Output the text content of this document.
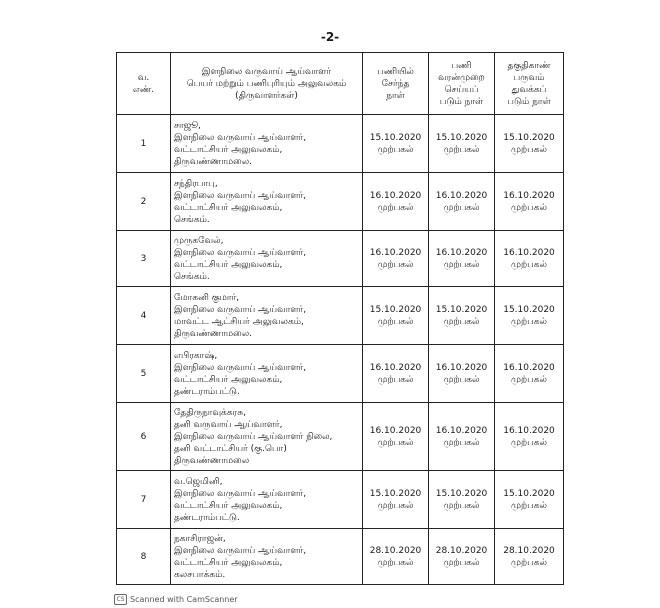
-2-
வ.
எண்.	இளநிலை வருவாய் ஆய்வாளர்
பெயர் மற்றும் பணிபுரியும் அலுவலகம்
(திருவாளர்கள்)	பணியில்
சேர்ந்த
நாள்	பணி
வரன்முறை
செய்யப்
படும் நாள்	தகுதிகாண்
பருவம்
துவக்கப்
படும் நாள்

1	சாஜூ,
இளநிலை வருவாய் ஆய்வாளர்,
வட்டாட்சியர் அலுவலகம்,
திருவண்ணாமலை.	15.10.2020
முற்பகல்	15.10.2020
முற்பகல்	15.10.2020
முற்பகல்

2	சந்திரபாபு,
இளநிலை வருவாய் ஆய்வாளர்,
வட்டாட்சியர் அலுவலகம்,
செங்கம்.	16.10.2020
முற்பகல்	16.10.2020
முற்பகல்	16.10.2020
முற்பகல்

3	முருகவேல்,
இளநிலை வருவாய் ஆய்வாளர்,
வட்டாட்சியர் அலுவலகம்,
செங்கம்.	16.10.2020
முற்பகல்	16.10.2020
முற்பகல்	16.10.2020
முற்பகல்

4	மோகனி குமார்,
இளநிலை வருவாய் ஆய்வாளர்,
மாவட்ட ஆட்சியர் அலுவலகம்,
திருவண்ணாமலை.	15.10.2020
முற்பகல்	15.10.2020
முற்பகல்	15.10.2020
முற்பகல்

5	எபிரகாஷ்,
இளநிலை வருவாய் ஆய்வாளர்,
வட்டாட்சியர் அலுவலகம்,
தண்டராம்பட்டு.	16.10.2020
முற்பகல்	16.10.2020
முற்பகல்	16.10.2020
முற்பகல்

6	தேதிருநாவுக்கரசு,
தனி வருவாய் ஆய்வாளர்,
இளநிலை வருவாய் ஆய்வாளர் நிலை,
தனி வட்டாட்சியர் (கு.பொ)
திருவண்ணாமலை	16.10.2020
முற்பகல்	16.10.2020
முற்பகல்	16.10.2020
முற்பகல்

7	வ.ஜெமினி,
இளநிலை வருவாய் ஆய்வாளர்,
வட்டாட்சியர் அலுவலகம்,
தண்டராம்பட்டு.	15.10.2020
முற்பகல்	15.10.2020
முற்பகல்	15.10.2020
முற்பகல்

8	நகாசிராஜன்,
இளநிலை வருவாய் ஆய்வாளர்,
வட்டாட்சியர் அலுவலகம்,
கலசபாக்கம்.	28.10.2020
முற்பகல்	28.10.2020
முற்பகல்	28.10.2020
முற்பகல்
CS Scanned with CamScanner
